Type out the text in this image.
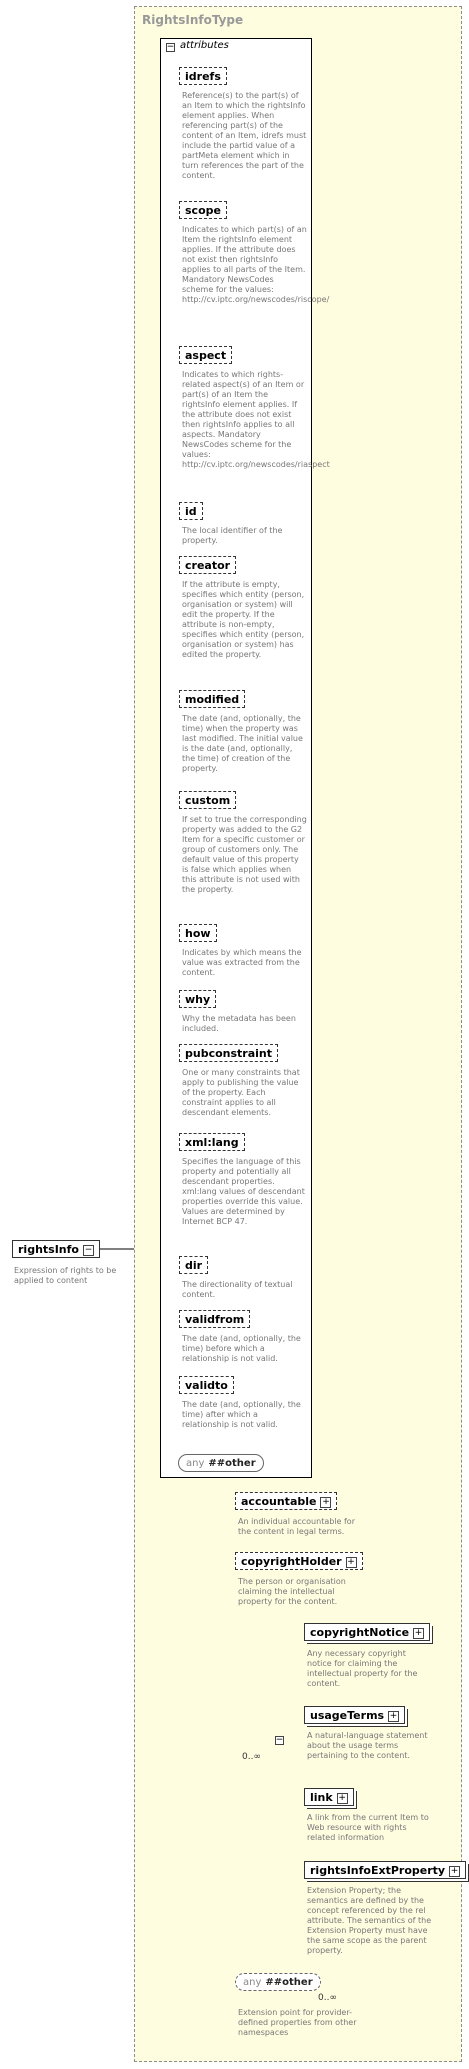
RightsInfoType
− attributes
idrefs
Reference(s) to the part(s) of an Item to which the rightsInfo element applies. When referencing part(s) of the content of an Item, idrefs must include the partid value of a partMeta element which in turn references the part of the content.
scope
Indicates to which part(s) of an Item the rightsInfo element applies. If the attribute does not exist then rightsInfo applies to all parts of the Item. Mandatory NewsCodes scheme for the values: http://cv.iptc.org/newscodes/riscope/
aspect
Indicates to which rights-related aspect(s) of an Item or part(s) of an Item the rightsInfo element applies. If the attribute does not exist then rightsInfo applies to all aspects. Mandatory NewsCodes scheme for the values: http://cv.iptc.org/newscodes/riaspect
id
The local identifier of the property.
creator
If the attribute is empty, specifies which entity (person, organisation or system) will edit the property. If the attribute is non-empty, specifies which entity (person, organisation or system) has edited the property.
modified
The date (and, optionally, the time) when the property was last modified. The initial value is the date (and, optionally, the time) of creation of the property.
custom
If set to true the corresponding property was added to the G2 Item for a specific customer or group of customers only. The default value of this property is false which applies when this attribute is not used with the property.
how
Indicates by which means the value was extracted from the content.
why
Why the metadata has been included.
pubconstraint
One or many constraints that apply to publishing the value of the property. Each constraint applies to all descendant elements.
xml:lang
Specifies the language of this property and potentially all descendant properties. xml:lang values of descendant properties override this value. Values are determined by Internet BCP 47.
dir
The directionality of textual content.
validfrom
The date (and, optionally, the time) before which a relationship is not valid.
validto
The date (and, optionally, the time) after which a relationship is not valid.
any ##other
rightsInfo −
Expression of rights to be applied to content
accountable +
An individual accountable for the content in legal terms.
copyrightHolder +
The person or organisation claiming the intellectual property for the content.
−
0..∞
copyrightNotice +
Any necessary copyright notice for claiming the intellectual property for the content.
usageTerms +
A natural-language statement about the usage terms pertaining to the content.
link +
A link from the current Item to Web resource with rights related information
rightsInfoExtProperty +
Extension Property; the semantics are defined by the concept referenced by the rel attribute. The semantics of the Extension Property must have the same scope as the parent property.
any ##other
0..∞
Extension point for provider-defined properties from other namespaces
